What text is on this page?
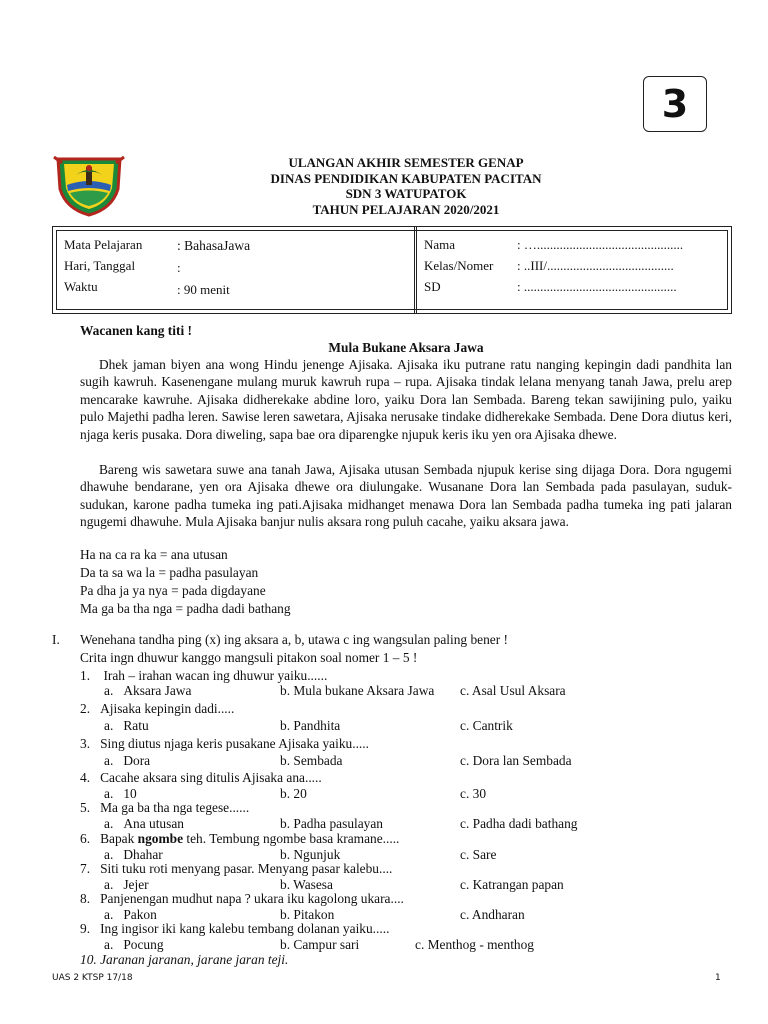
3
ULANGAN AKHIR SEMESTER GENAP
DINAS PENDIDIKAN KABUPATEN PACITAN
SDN 3 WATUPATOK
TAHUN PELAJARAN 2020/2021
Mata Pelajaran	: BahasaJawa
Hari, Tanggal	:
Waktu	: 90 menit
Nama	: ….............................................
Kelas/Nomer : ..III/.......................................
SD	: ...............................................
Wacanen kang titi !
Mula Bukane Aksara Jawa
Dhek jaman biyen ana wong Hindu jenenge Ajisaka. Ajisaka iku putrane ratu nanging kepingin dadi pandhita lan sugih kawruh. Kasenengane mulang muruk kawruh rupa – rupa. Ajisaka tindak lelana menyang tanah Jawa, prelu arep mencarake kawruhe. Ajisaka didherekake abdine loro, yaiku Dora lan Sembada. Bareng tekan sawijining pulo, yaiku pulo Majethi padha leren. Sawise leren sawetara, Ajisaka nerusake tindake didherekake Sembada. Dene Dora diutus keri, njaga keris pusaka. Dora diweling, sapa bae ora diparengke njupuk keris iku yen ora Ajisaka dhewe.
Bareng wis sawetara suwe ana tanah Jawa, Ajisaka utusan Sembada njupuk kerise sing dijaga Dora. Dora ngugemi dhawuhe bendarane, yen ora Ajisaka dhewe ora diulungake. Wusanane Dora lan Sembada pada pasulayan, suduk- sudukan, karone padha tumeka ing pati.Ajisaka midhanget menawa Dora lan Sembada padha tumeka ing pati jalaran ngugemi dhawuhe. Mula Ajisaka banjur nulis aksara rong puluh cacahe, yaiku aksara jawa.
Ha na ca ra ka = ana utusan
Da ta sa wa la = padha pasulayan
Pa dha ja ya nya = pada digdayane
Ma ga ba tha nga = padha dadi bathang
I. Wenehana tandha ping (x) ing aksara a, b, utawa c ing wangsulan paling bener !
Crita ingn dhuwur kanggo mangsuli pitakon soal nomer 1 – 5 !
1.    Irah – irahan wacan ing dhuwur yaiku......
a. Aksara Jawa	b. Mula bukane Aksara Jawa c. Asal Usul Aksara
2. Ajisaka kepingin dadi.....
a. Ratu	b. Pandhita	c. Cantrik
3. Sing diutus njaga keris pusakane Ajisaka yaiku.....
a. Dora	b. Sembada	c. Dora lan Sembada
4. Cacahe aksara sing ditulis Ajisaka ana.....
a. 10	b. 20	c. 30
5. Ma ga ba tha nga tegese......
a. Ana utusan	b. Padha pasulayan	c. Padha dadi bathang
6. Bapak ngombe teh. Tembung ngombe basa kramane.....
a. Dhahar	b. Ngunjuk	c. Sare
7. Siti tuku roti menyang pasar. Menyang pasar kalebu....
a. Jejer	b. Wasesa	c. Katrangan papan
8. Panjenengan mudhut napa ? ukara iku kagolong ukara....
a. Pakon	b. Pitakon	c. Andharan
9. Ing ingisor iki kang kalebu tembang dolanan yaiku.....
a. Pocung	b. Campur sari	c. Menthog - menthog
10. Jaranan jaranan, jarane jaran teji.
UAS 2 KTSP 17/18	1
